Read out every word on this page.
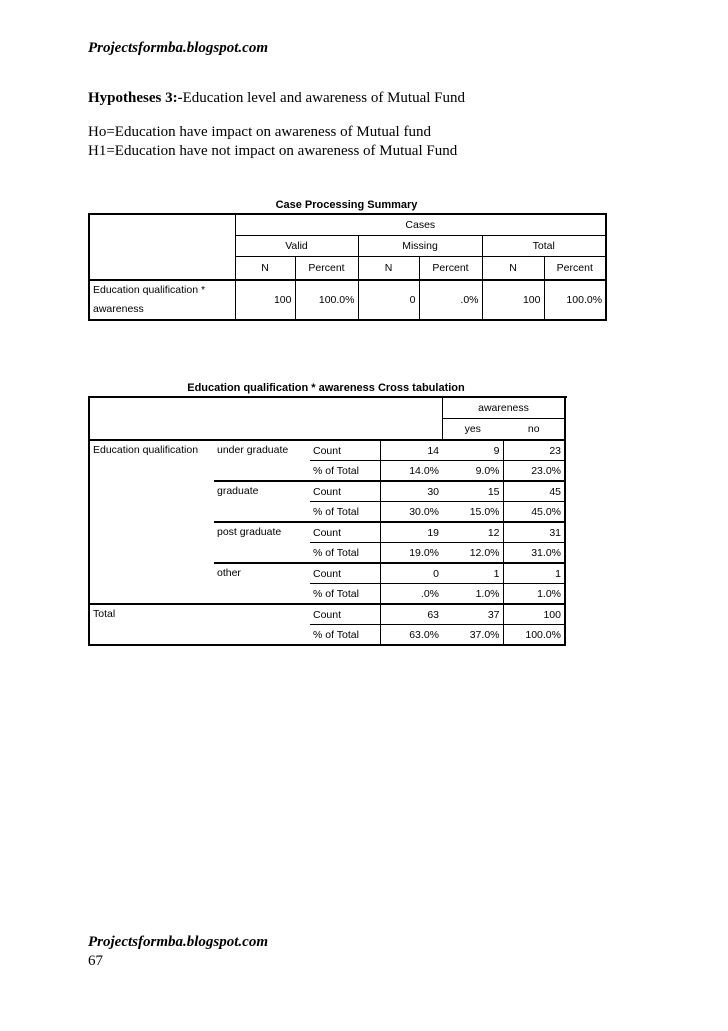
Projectsformba.blogspot.com
Hypotheses 3:-Education level and awareness of Mutual Fund
Ho=Education have impact on awareness of Mutual fund
H1=Education have not impact on awareness of Mutual Fund
Case Processing Summary
	Cases					
	Valid		Missing		Total	
	N	Percent	N	Percent	N	Percent

Education qualification *
awareness	100	100.0%	0	.0%	100	100.0%
Education qualification * awareness Cross tabulation
				awareness	
				yes	no	
Education qualification	under graduate	Count	14	9	23	
		% of Total	14.0%	9.0%	23.0%	
	graduate	Count	30	15	45	
		% of Total	30.0%	15.0%	45.0%	
	post graduate	Count	19	12	31	
		% of Total	19.0%	12.0%	31.0%	
	other	Count	0	1	1	
		% of Total	.0%	1.0%	1.0%	
Total		Count	63	37	100	
		% of Total	63.0%	37.0%	100.0%	
Projectsformba.blogspot.com
67
